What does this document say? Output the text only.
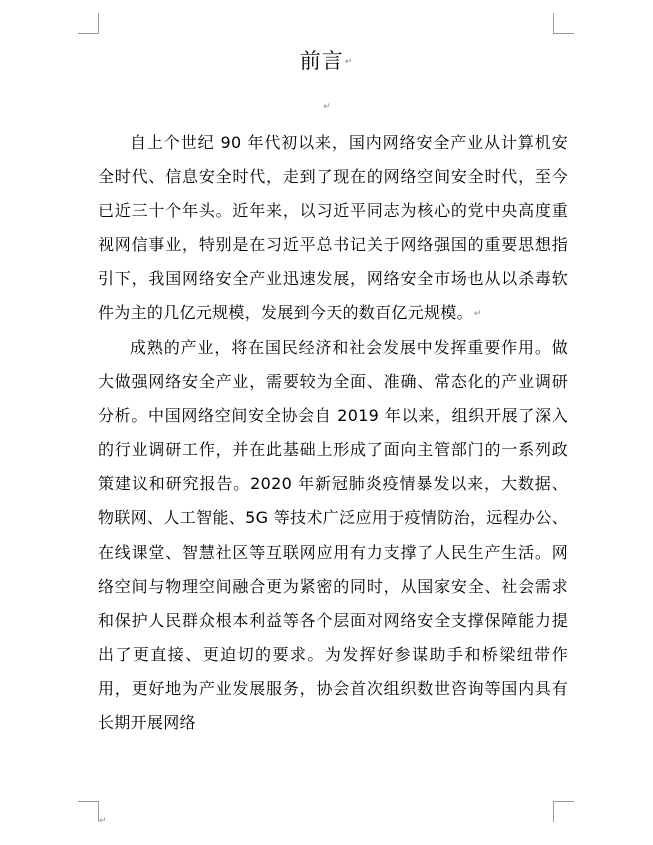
前言↵
↵

自上个世纪 90 年代初以来，国内网络安全产业从计算机安全时代、信息安全时代，走到了现在的网络空间安全时代，至今已近三十个年头。近年来，以习近平同志为核心的党中央高度重视网信事业，特别是在习近平总书记关于网络强国的重要思想指引下，我国网络安全产业迅速发展，网络安全市场也从以杀毒软件为主的几亿元规模，发展到今天的数百亿元规模。↵

成熟的产业，将在国民经济和社会发展中发挥重要作用。做大做强网络安全产业，需要较为全面、准确、常态化的产业调研分析。中国网络空间安全协会自 2019 年以来，组织开展了深入的行业调研工作，并在此基础上形成了面向主管部门的一系列政策建议和研究报告。2020 年新冠肺炎疫情暴发以来，大数据、物联网、人工智能、5G 等技术广泛应用于疫情防治，远程办公、在线课堂、智慧社区等互联网应用有力支撑了人民生产生活。网络空间与物理空间融合更为紧密的同时，从国家安全、社会需求和保护人民群众根本利益等各个层面对网络安全支撑保障能力提出了更直接、更迫切的要求。为发挥好参谋助手和桥梁纽带作用，更好地为产业发展服务，协会首次组织数世咨询等国内具有长期开展网络

↵
